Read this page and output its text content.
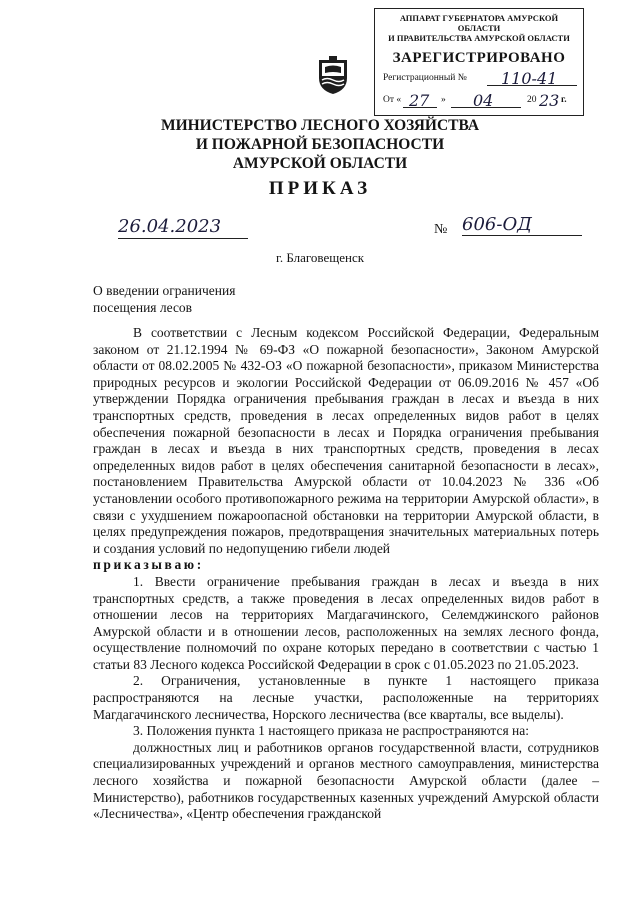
АППАРАТ ГУБЕРНАТОРА АМУРСКОЙ ОБЛАСТИ
И ПРАВИТЕЛЬСТВА АМУРСКОЙ ОБЛАСТИ
ЗАРЕГИСТРИРОВАНО
Регистрационный № 110-41
От « 27 » 04	20 23 г.
МИНИСТЕРСТВО ЛЕСНОГО ХОЗЯЙСТВА
И ПОЖАРНОЙ БЕЗОПАСНОСТИ
АМУРСКОЙ ОБЛАСТИ
ПРИКАЗ
26.04.2023	№ 606-ОД
г. Благовещенск
О введении ограничения
посещения лесов

В соответствии с Лесным кодексом Российской Федерации, Федеральным законом от 21.12.1994 № 69-ФЗ «О пожарной безопасности», Законом Амурской области от 08.02.2005 № 432-ОЗ «О пожарной безопасности», приказом Министерства природных ресурсов и экологии Российской Федерации от 06.09.2016 № 457 «Об утверждении Порядка ограничения пребывания граждан в лесах и въезда в них транспортных средств, проведения в лесах определенных видов работ в целях обеспечения пожарной безопасности в лесах и Порядка ограничения пребывания граждан в лесах и въезда в них транспортных средств, проведения в лесах определенных видов работ в целях обеспечения санитарной безопасности в лесах», постановлением Правительства Амурской области от 10.04.2023 № 336 «Об установлении особого противопожарного режима на территории Амурской области», в связи с ухудшением пожароопасной обстановки на территории Амурской области, в целях предупреждения пожаров, предотвращения значительных материальных потерь и создания условий по недопущению гибели людей

приказываю:

1. Ввести ограничение пребывания граждан в лесах и въезда в них транспортных средств, а также проведения в лесах определенных видов работ в отношении лесов на территориях Магдагачинского, Селемджинского районов Амурской области и в отношении лесов, расположенных на землях лесного фонда, осуществление полномочий по охране которых передано в соответствии с частью 1 статьи 83 Лесного кодекса Российской Федерации в срок с 01.05.2023 по 21.05.2023.

2. Ограничения, установленные в пункте 1 настоящего приказа распространяются на лесные участки, расположенные на территориях Магдагачинского лесничества, Норского лесничества (все кварталы, все выделы).

3. Положения пункта 1 настоящего приказа не распространяются на:

должностных лиц и работников органов государственной власти, сотрудников специализированных учреждений и органов местного самоуправления, министерства лесного хозяйства и пожарной безопасности Амурской области (далее – Министерство), работников государственных казенных учреждений Амурской области «Лесничества», «Центр обеспечения гражданской
